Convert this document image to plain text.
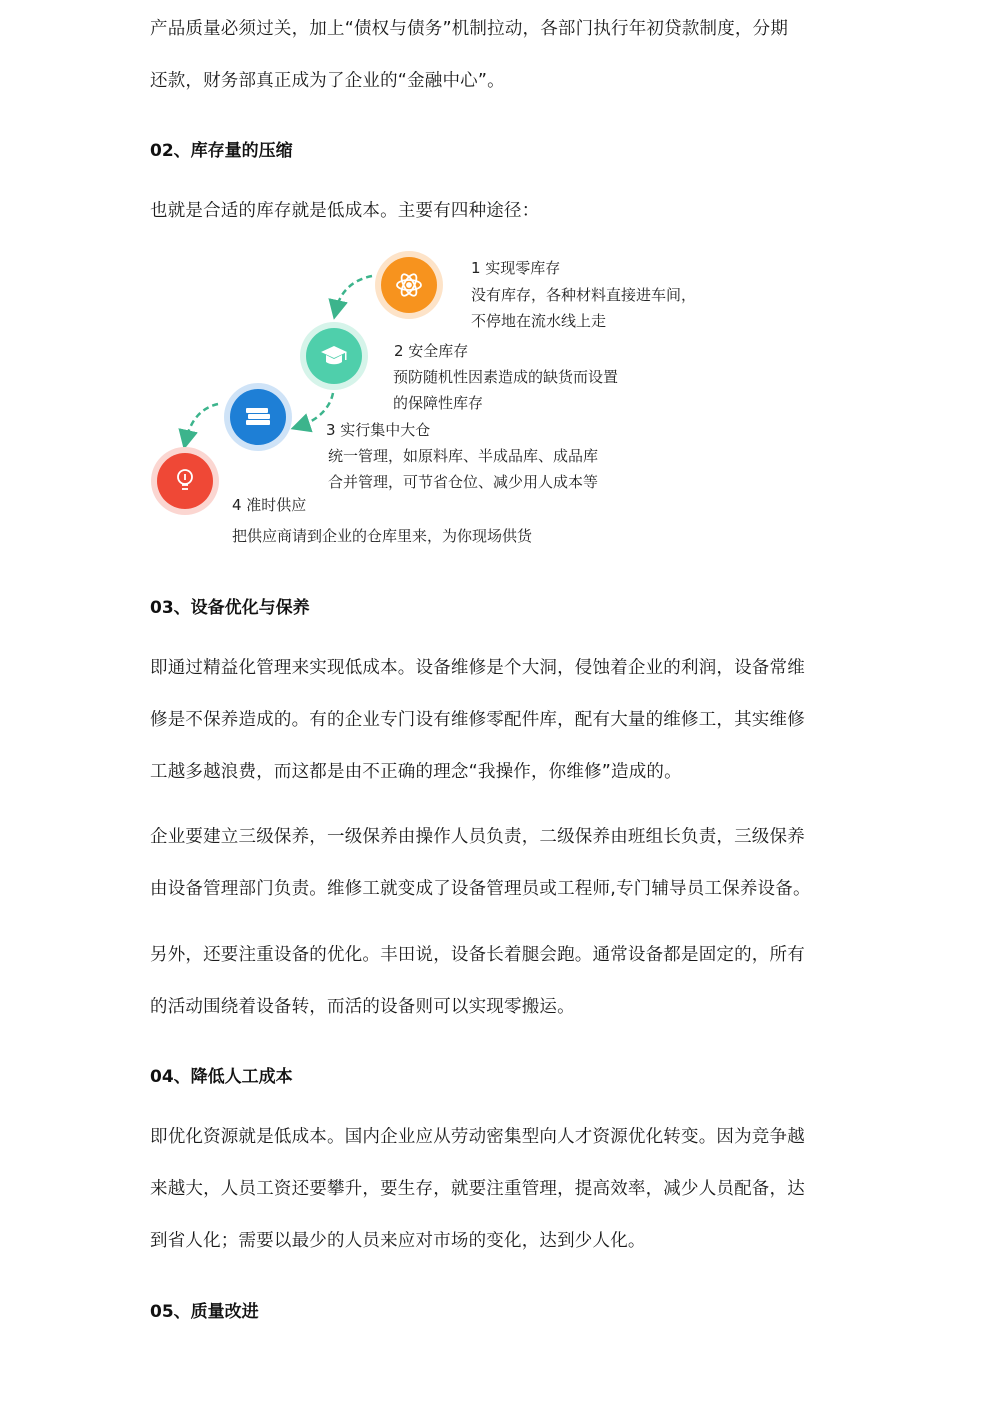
产品质量必须过关，加上“债权与债务”机制拉动，各部门执行年初贷款制度，分期

还款，财务部真正成为了企业的“金融中心”。

02、库存量的压缩

也就是合适的库存就是低成本。主要有四种途径：

1 实现零库存
没有库存，各种材料直接进车间，
不停地在流水线上走
2 安全库存
预防随机性因素造成的缺货而设置
的保障性库存
3 实行集中大仓
统一管理，如原料库、半成品库、成品库
合并管理，可节省仓位、减少用人成本等
4 准时供应
把供应商请到企业的仓库里来，为你现场供货
03、设备优化与保养

即通过精益化管理来实现低成本。设备维修是个大洞，侵蚀着企业的利润，设备常维

修是不保养造成的。有的企业专门设有维修零配件库，配有大量的维修工，其实维修

工越多越浪费，而这都是由不正确的理念“我操作，你维修”造成的。

企业要建立三级保养，一级保养由操作人员负责，二级保养由班组长负责，三级保养

由设备管理部门负责。维修工就变成了设备管理员或工程师,专门辅导员工保养设备。

另外，还要注重设备的优化。丰田说，设备长着腿会跑。通常设备都是固定的，所有

的活动围绕着设备转，而活的设备则可以实现零搬运。

04、降低人工成本

即优化资源就是低成本。国内企业应从劳动密集型向人才资源优化转变。因为竞争越

来越大，人员工资还要攀升，要生存，就要注重管理，提高效率，减少人员配备，达

到省人化；需要以最少的人员来应对市场的变化，达到少人化。

05、质量改进
